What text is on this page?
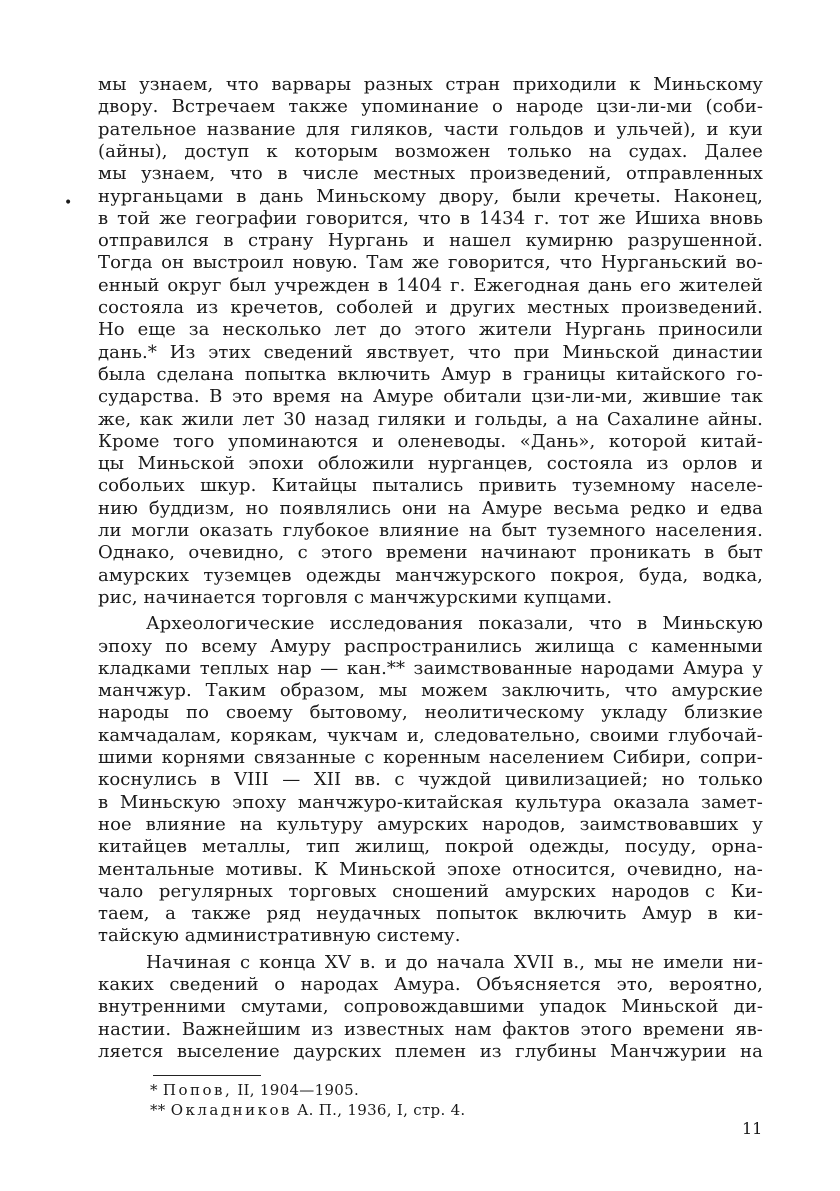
•
мы узнаем, что варвары разных стран приходили к Миньскому
двору. Встречаем также упоминание о народе цзи-ли-ми (соби-
рательное название для гиляков, части гольдов и ульчей), и куи
(айны), доступ к которым возможен только на судах. Далее
мы узнаем, что в числе местных произведений, отправленных
нурганьцами в дань Миньскому двору, были кречеты. Наконец,
в той же географии говорится, что в 1434 г. тот же Ишиха вновь
отправился в страну Нургань и нашел кумирню разрушенной.
Тогда он выстроил новую. Там же говорится, что Нурганьский во-
енный округ был учрежден в 1404 г. Ежегодная дань его жителей
состояла из кречетов, соболей и других местных произведений.
Но еще за несколько лет до этого жители Нургань приносили
дань.* Из этих сведений явствует, что при Миньской династии
была сделана попытка включить Амур в границы китайского го-
сударства. В это время на Амуре обитали цзи-ли-ми, жившие так
же, как жили лет 30 назад гиляки и гольды, а на Сахалине айны.
Кроме того упоминаются и оленеводы. «Дань», которой китай-
цы Миньской эпохи обложили нурганцев, состояла из орлов и
собольих шкур. Китайцы пытались привить туземному населе-
нию буддизм, но появлялись они на Амуре весьма редко и едва
ли могли оказать глубокое влияние на быт туземного населения.
Однако, очевидно, с этого времени начинают проникать в быт
амурских туземцев одежды манчжурского покроя, буда, водка,
рис, начинается торговля с манчжурскими купцами.
Археологические исследования показали, что в Миньскую
эпоху по всему Амуру распространились жилища с каменными
кладками теплых нар — кан.** заимствованные народами Амура у
манчжур. Таким образом, мы можем заключить, что амурские
народы по своему бытовому, неолитическому укладу близкие
камчадалам, корякам, чукчам и, следовательно, своими глубочай-
шими корнями связанные с коренным населением Сибири, сопри-
коснулись в VIII — XII вв. с чуждой цивилизацией; но только
в Миньскую эпоху манчжуро-китайская культура оказала замет-
ное влияние на культуру амурских народов, заимствовавших у
китайцев металлы, тип жилищ, покрой одежды, посуду, орна-
ментальные мотивы. К Миньской эпохе относится, очевидно, на-
чало регулярных торговых сношений амурских народов с Ки-
таем, а также ряд неудачных попыток включить Амур в ки-
тайскую административную систему.
Начиная с конца XV в. и до начала XVII в., мы не имели ни-
каких сведений о народах Амура. Объясняется это, вероятно,
внутренними смутами, сопровождавшими упадок Миньской ди-
настии. Важнейшим из известных нам фактов этого времени яв-
ляется выселение даурских племен из глубины Манчжурии на
* Попов, II, 1904—1905.
** Окладников А. П., 1936, I, стр. 4.
11
